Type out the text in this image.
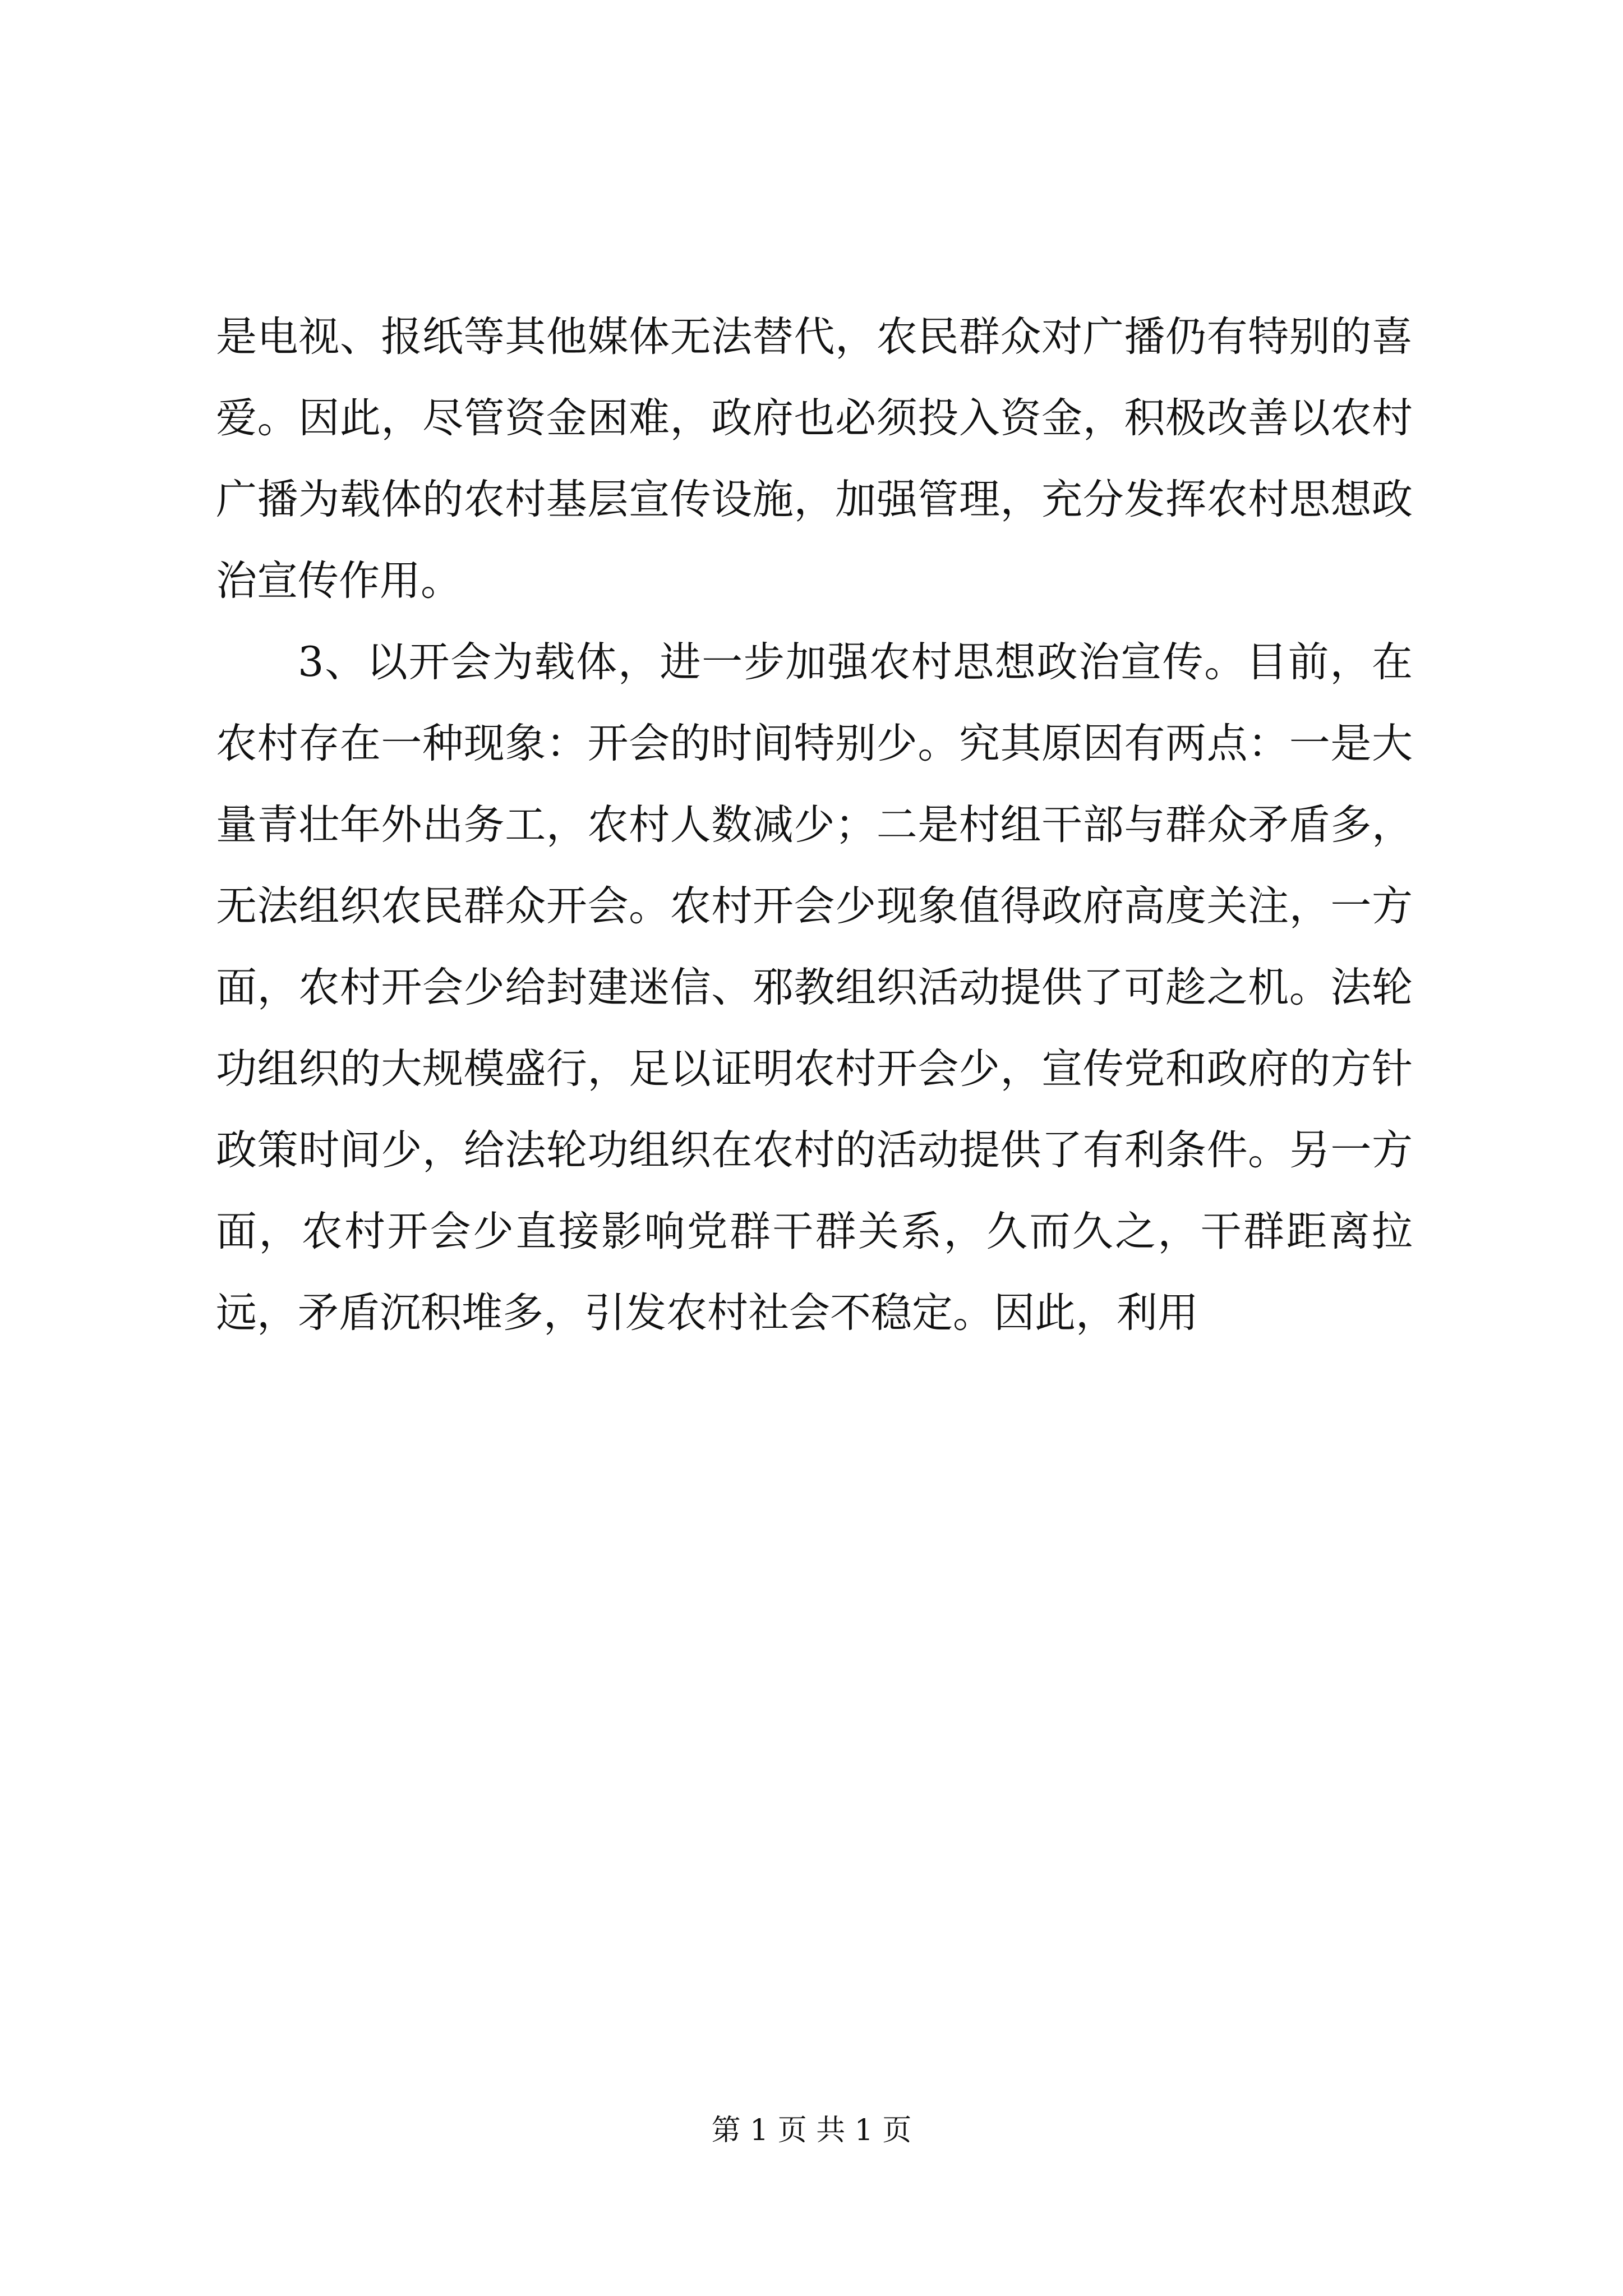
是电视、报纸等其他媒体无法替代，农民群众对广播仍有特别的喜爱。因此，尽管资金困难，政府也必须投入资金，积极改善以农村广播为载体的农村基层宣传设施，加强管理，充分发挥农村思想政治宣传作用。

3、以开会为载体，进一步加强农村思想政治宣传。目前，在农村存在一种现象：开会的时间特别少。究其原因有两点：一是大量青壮年外出务工，农村人数减少；二是村组干部与群众矛盾多，无法组织农民群众开会。农村开会少现象值得政府高度关注，一方面，农村开会少给封建迷信、邪教组织活动提供了可趁之机。法轮功组织的大规模盛行，足以证明农村开会少，宣传党和政府的方针政策时间少，给法轮功组织在农村的活动提供了有利条件。另一方面，农村开会少直接影响党群干群关系，久而久之，干群距离拉远，矛盾沉积堆多，引发农村社会不稳定。因此，利用

第 1 页 共 1 页
